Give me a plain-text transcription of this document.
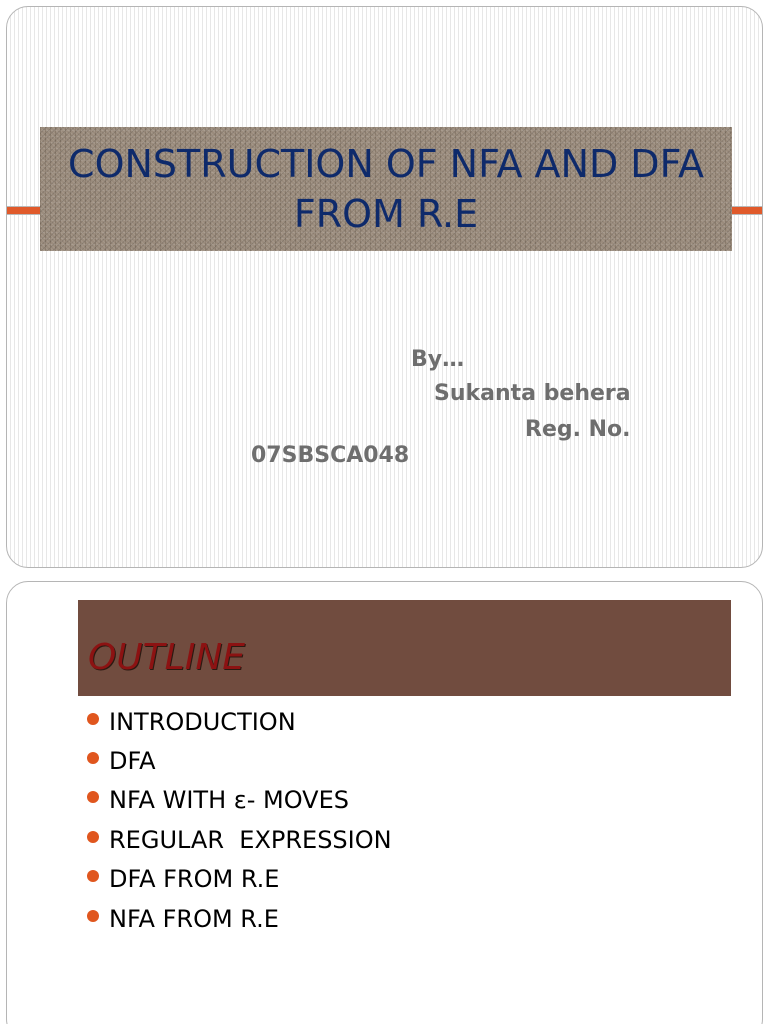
CONSTRUCTION OF NFA AND DFA FROM R.E
By…
Sukanta behera
Reg. No.
07SBSCA048
OUTLINE
INTRODUCTION
DFA
NFA WITH ε- MOVES
REGULAR  EXPRESSION
DFA FROM R.E
NFA FROM R.E
